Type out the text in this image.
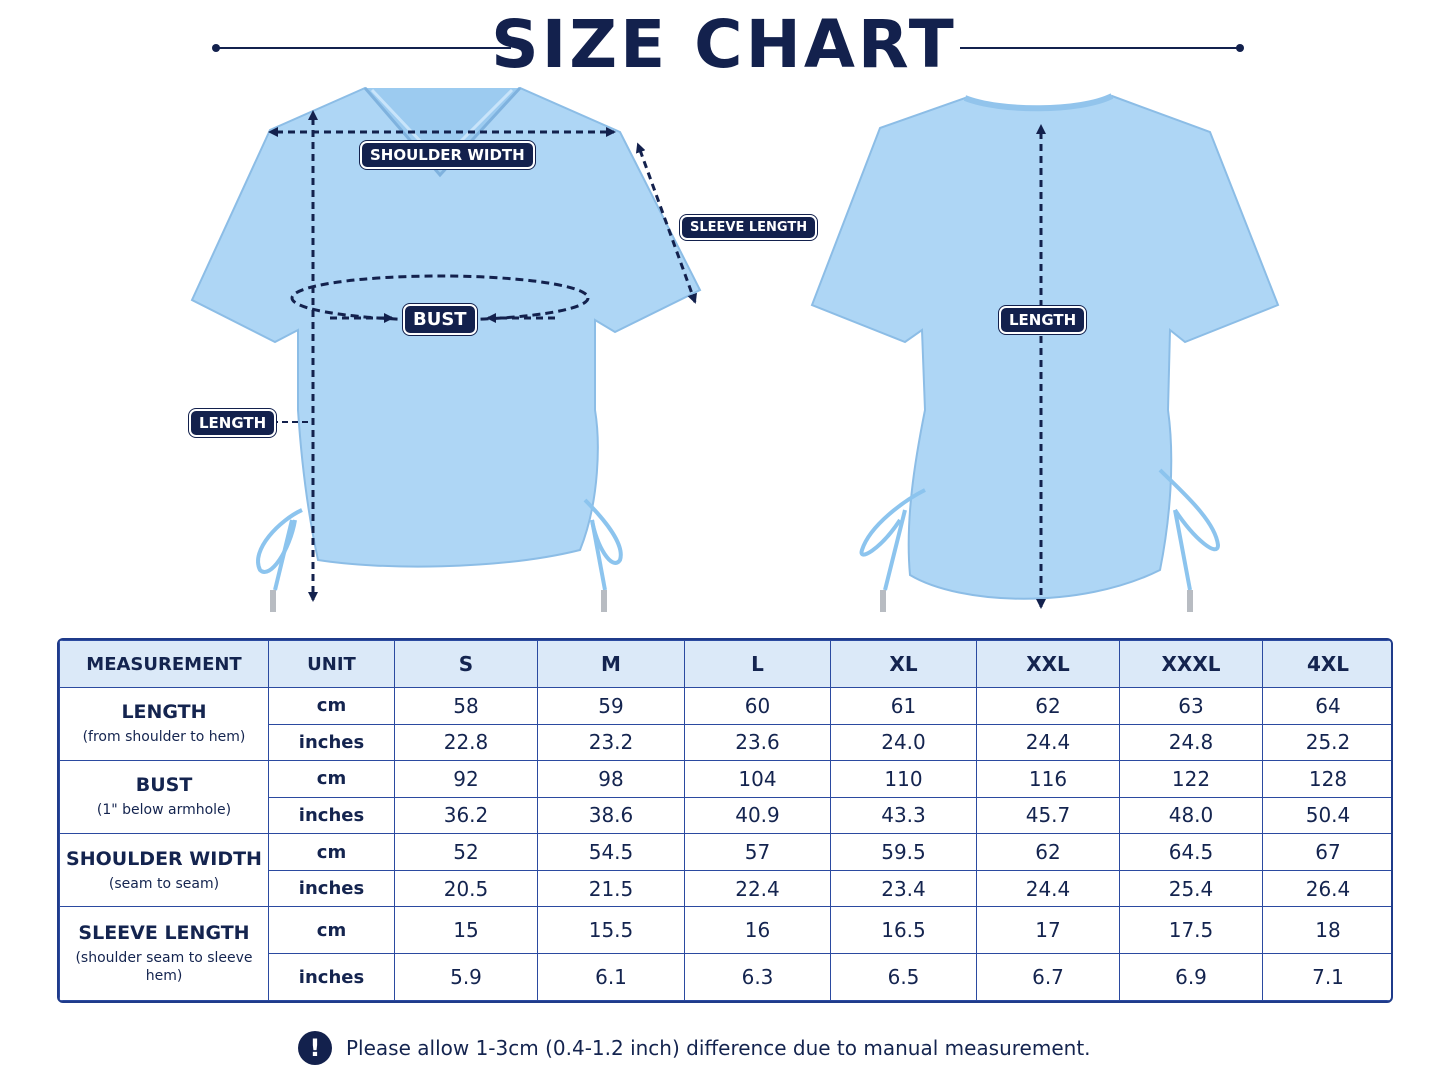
SIZE CHART
SHOULDER WIDTH
SLEEVE LENGTH
BUST
LENGTH
LENGTH
MEASUREMENT	UNIT	S	M	L	XL	XXL	XXXL	4XL

LENGTH
(from shoulder to hem)	cm	58	59	60	61	62	63	64
	inches	22.8	23.2	23.6	24.0	24.4	24.8	25.2

BUST
(1" below armhole)	cm	92	98	104	110	116	122	128
	inches	36.2	38.6	40.9	43.3	45.7	48.0	50.4

SHOULDER WIDTH
(seam to seam)	cm	52	54.5	57	59.5	62	64.5	67
	inches	20.5	21.5	22.4	23.4	24.4	25.4	26.4

SLEEVE LENGTH
(shoulder seam to sleeve hem)	cm	15	15.5	16	16.5	17	17.5	18
	inches	5.9	6.1	6.3	6.5	6.7	6.9	7.1
!	Please allow 1-3cm (0.4-1.2 inch) difference due to manual measurement.
